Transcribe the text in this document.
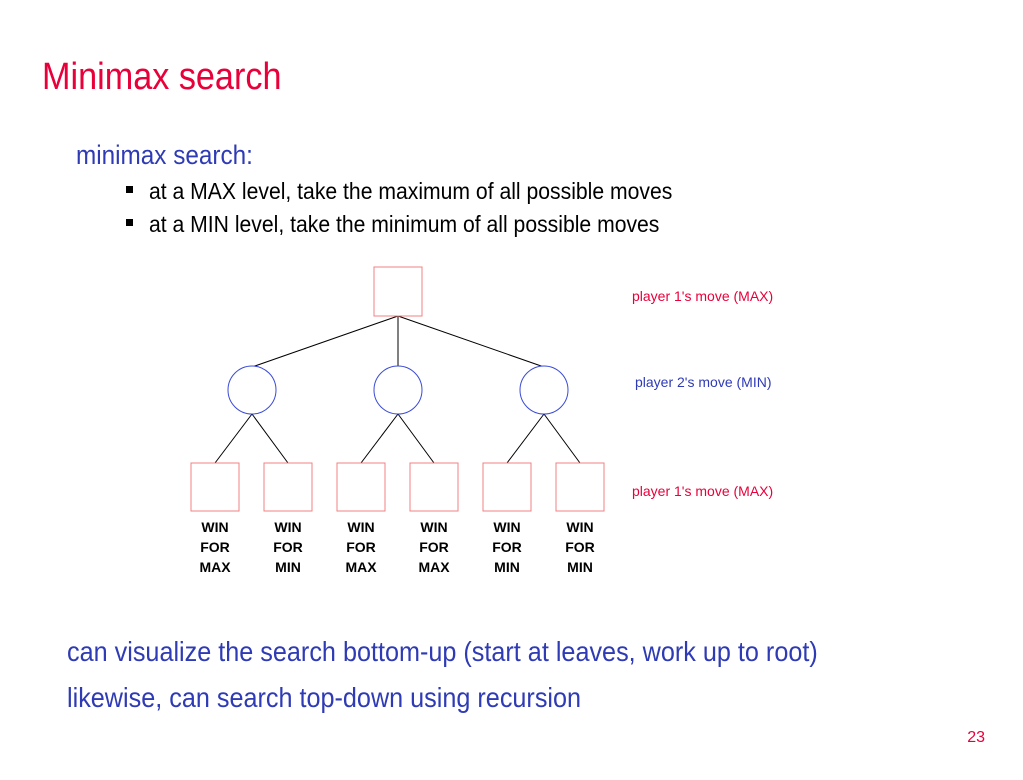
Minimax search
minimax search:
at a MAX level, take the maximum of all possible moves
at a MIN level, take the minimum of all possible moves
player 1's move (MAX)
player 2's move (MIN)
player 1's move (MAX)
WIN
FOR
MAX
WIN
FOR
MIN
WIN
FOR
MAX
WIN
FOR
MAX
WIN
FOR
MIN
WIN
FOR
MIN
can visualize the search bottom-up (start at leaves, work up to root)
likewise, can search top-down using recursion
23
